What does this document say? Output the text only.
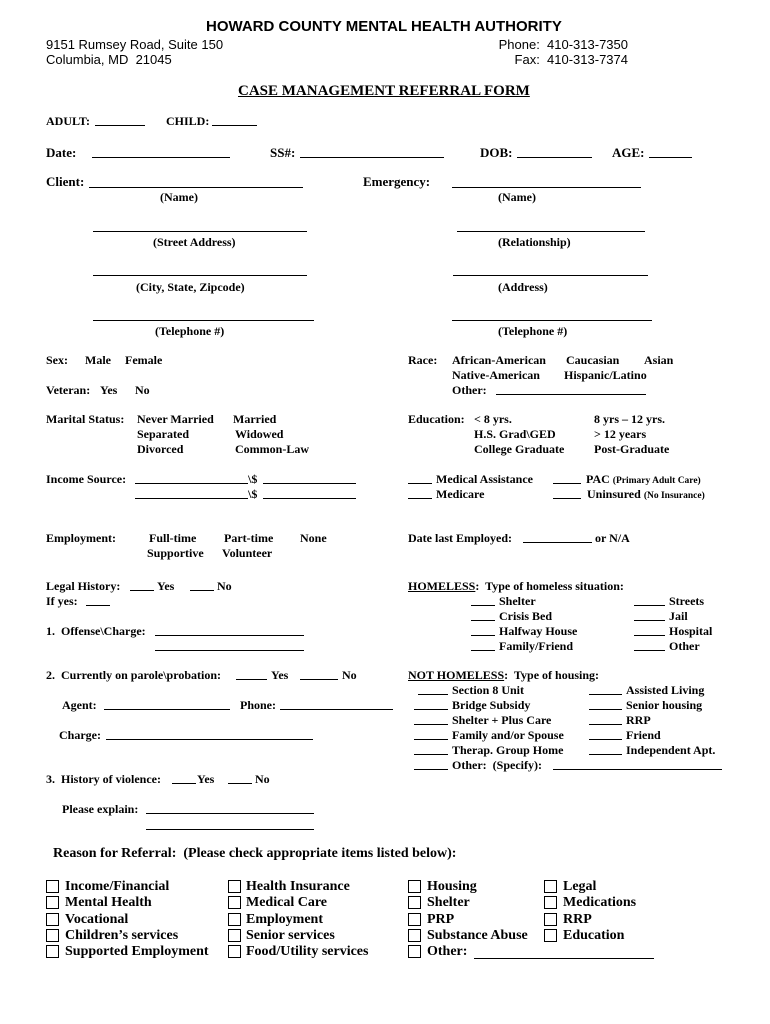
HOWARD COUNTY MENTAL HEALTH AUTHORITY
9151 Rumsey Road, Suite 150
Columbia, MD  21045
Phone:  410-313-7350
Fax:  410-313-7374
CASE MANAGEMENT REFERRAL FORM
ADULT:	CHILD:
Date:	SS#:	DOB:	AGE:
Client:
(Name)
Emergency:
(Name)
(Street Address)	(Relationship)
(City, State, Zipcode)	(Address)
(Telephone #)	(Telephone #)
Sex: Male Female
Veteran: Yes No
Race: African-American Caucasian Asian
Native-American Hispanic/Latino
Other:
Marital Status: Never Married Married
Separated	Widowed
Divorced	Common-Law
Education: < 8 yrs.	8 yrs – 12 yrs.
H.S. Grad\GED	> 12 years
College Graduate Post-Graduate
Income Source:	\$
\$
Medical Assistance
Medicare
PAC (Primary Adult Care)
Uninsured (No Insurance)
Employment:	Full-time Part-time None
Supportive Volunteer
Date last Employed:	or N/A
Legal History:	Yes	No
If yes:
1.  Offense\Charge:
HOMELESS:  Type of homeless situation:
Shelter
Crisis Bed
Halfway House
Family/Friend
Streets
Jail
Hospital
Other
2.  Currently on parole\probation:	Yes	No
Agent:	Phone:
Charge:
3.  History of violence:	Yes	No
Please explain:
NOT HOMELESS:  Type of housing:
Section 8 Unit
Bridge Subsidy
Shelter + Plus Care
Family and/or Spouse
Therap. Group Home
Other:  (Specify):
Assisted Living
Senior housing
RRP
Friend
Independent Apt.
Reason for Referral:  (Please check appropriate items listed below):
Income/Financial
Mental Health
Vocational
Children’s services
Supported Employment
Health Insurance
Medical Care
Employment
Senior services
Food/Utility services
Housing
Shelter
PRP
Substance Abuse
Other:
Legal
Medications
RRP
Education
